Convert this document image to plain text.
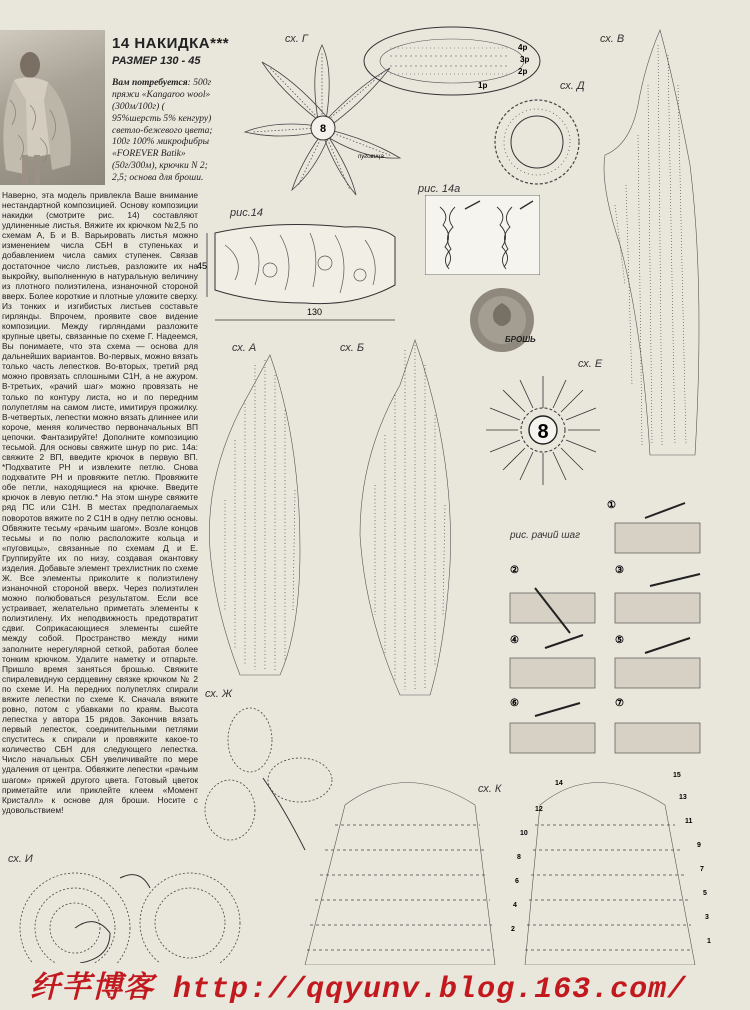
14 НАКИДКА***
РАЗМЕР 130 - 45
Вам потребуется: 500г пряжи «Kangaroo wool» (300м/100г) ( 95%шерсть 5% кенгуру) светло-бежевого цвета; 100г 100% микрофибры «FOREVER Batik» (50г/300м), крючки N 2; 2,5; основа для броши.

Наверно, эта модель привлекла Ваше внимание нестандартной композицией. Основу композиции накидки (смотрите рис. 14) составляют удлиненные листья. Вяжите их крючком №2,5 по схемам А, Б и В. Варьировать листья можно изменением числа СБН в ступеньках и добавлением числа самих ступенек. Связав достаточное число листьев, разложите их на выкройку, выполненную в натуральную величину из плотного полиэтилена, изнаночной стороной вверх. Более короткие и плотные уложите сверху. Из тонких и изгибистых листьев составьте гирлянды. Впрочем, проявите свое видение композиции. Между гирляндами разложите крупные цветы, связанные по схеме Г. Надеемся, Вы понимаете, что эта схема — основа для дальнейших вариантов. Во-первых, можно вязать только часть лепестков. Во-вторых, третий ряд можно провязать сплошными С1Н, а не ажуром. В-третьих, «рачий шаг» можно провязать не только по контуру листа, но и по передним полупетлям на самом листе, имитируя прожилку. В-четвертых, лепестки можно вязать длиннее или короче, меняя количество первоначальных ВП цепочки. Фантазируйте! Дополните композицию тесьмой. Для основы свяжите шнур по рис. 14а: свяжите 2 ВП, введите крючок в первую ВП. *Подхватите РН и извлеките петлю. Снова подхватите РН и провяжите петлю. Провяжите обе петли, находящиеся на крючке. Введите крючок в левую петлю.* На этом шнуре свяжите ряд ПС или С1Н. В местах предполагаемых поворотов вяжите по 2 С1Н в одну петлю основы. Обвяжите тесьму «рачьим шагом». Возле концов тесьмы и по полю расположите кольца и «пуговицы», связанные по схемам Д и Е. Группируйте их по низу, создавая окантовку изделия. Добавьте элемент трехлистник по схеме Ж. Все элементы приколите к полиэтилену изнаночной стороной вверх. Через полиэтилен можно полюбоваться результатом. Если все устраивает, желательно приметать элементы к полиэтилену. Их неподвижность предотвратит сдвиг. Соприкасающиеся элементы сшейте между собой. Пространство между ними заполните нерегулярной сеткой, работая более тонким крючком. Удалите наметку и отпарьте. Пришло время заняться брошью. Свяжите спиралевидную сердцевину связке крючком № 2 по схеме И. На передних полупетлях спирали вяжите лепестки по схеме К. Сначала вяжите ровно, потом с убавками по краям. Высота лепестка у автора 15 рядов. Закончив вязать первый лепесток, соединительными петлями спуститесь к спирали и провяжите какое-то количество СБН для следующего лепестка. Число начальных СБН увеличивайте по мере удаления от центра. Обвяжите лепестки «рачьим шагом» пряжей другого цвета. Готовый цветок приметайте или приклейте клеем «Момент Кристалл» к основе для броши. Носите с удовольствием!

сх. Г
8
пуговица
4р
3р
2р
1р	сх. Д
сх. В
рис.14
45
130
рис. 14а
БРОШЬ
сх. А	сх. Б
сх. Е
8
рис. рачий шаг
①
②	③
④	⑤
⑥	⑦
сх. Ж
сх. К
15
14
13
12
11
10
9
8
7
6
5
4
3
2
1
сх. И
纤芊博客 http://qqyunv.blog.163.com/
